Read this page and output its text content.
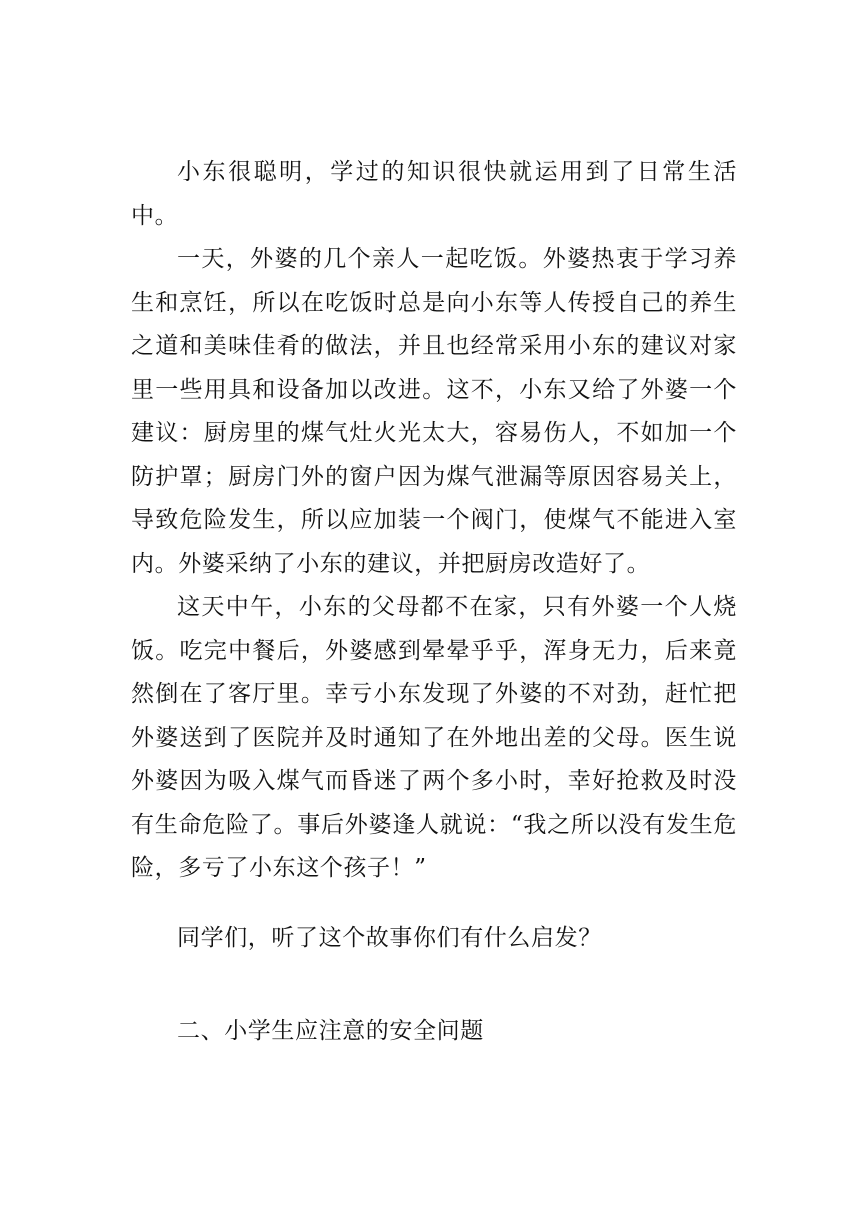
小东很聪明，学过的知识很快就运用到了日常生活中。

一天，外婆的几个亲人一起吃饭。外婆热衷于学习养生和烹饪，所以在吃饭时总是向小东等人传授自己的养生之道和美味佳肴的做法，并且也经常采用小东的建议对家里一些用具和设备加以改进。这不，小东又给了外婆一个建议：厨房里的煤气灶火光太大，容易伤人，不如加一个防护罩；厨房门外的窗户因为煤气泄漏等原因容易关上，导致危险发生，所以应加装一个阀门，使煤气不能进入室内。外婆采纳了小东的建议，并把厨房改造好了。

这天中午，小东的父母都不在家，只有外婆一个人烧饭。吃完中餐后，外婆感到晕晕乎乎，浑身无力，后来竟然倒在了客厅里。幸亏小东发现了外婆的不对劲，赶忙把外婆送到了医院并及时通知了在外地出差的父母。医生说外婆因为吸入煤气而昏迷了两个多小时，幸好抢救及时没有生命危险了。事后外婆逢人就说：“我之所以没有发生危险，多亏了小东这个孩子！”

同学们，听了这个故事你们有什么启发？

二、小学生应注意的安全问题
